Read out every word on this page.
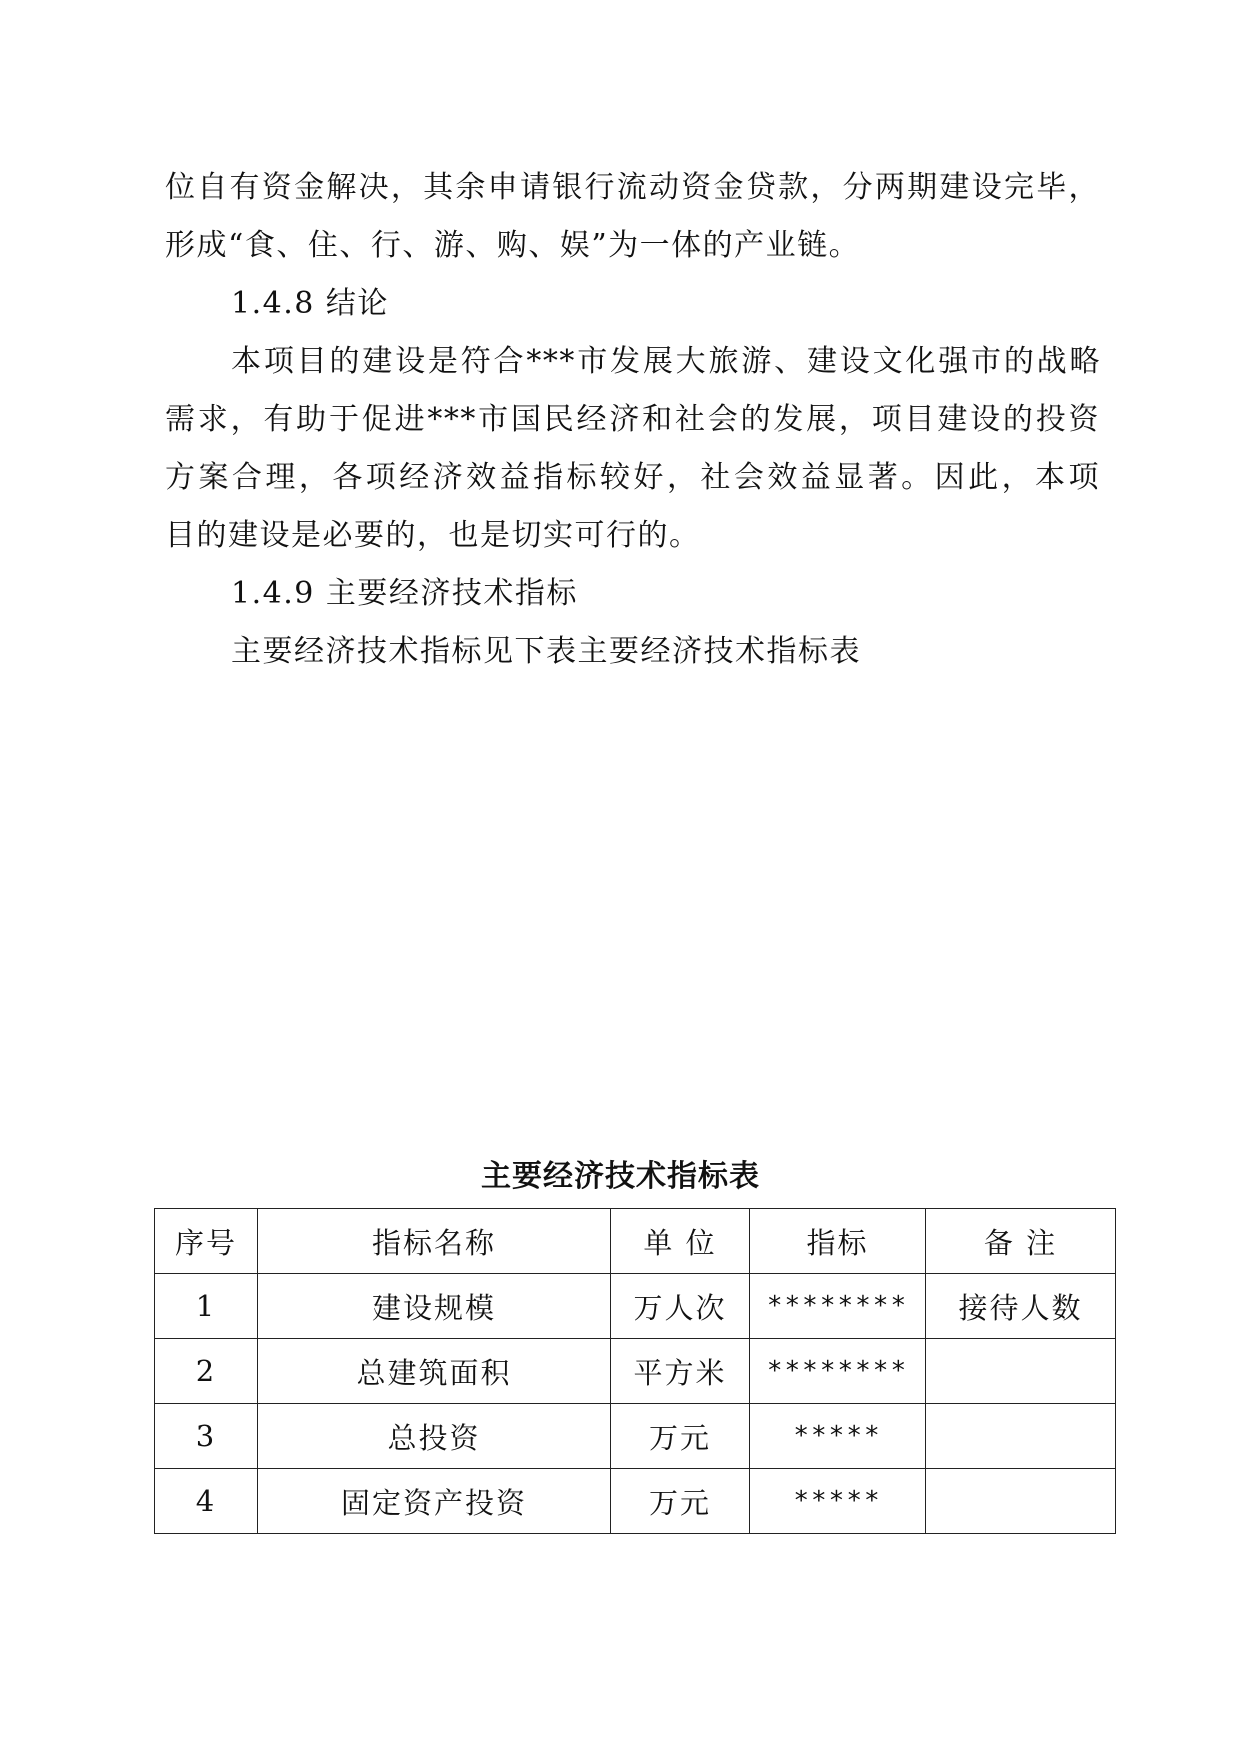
位自有资金解决，其余申请银行流动资金贷款，分两期建设完毕，
形成“食、住、行、游、购、娱”为一体的产业链。
1.4.8 结论
本项目的建设是符合***市发展大旅游、建设文化强市的战略
需求，有助于促进***市国民经济和社会的发展，项目建设的投资
方案合理，各项经济效益指标较好，社会效益显著。因此，本项
目的建设是必要的，也是切实可行的。
1.4.9 主要经济技术指标
主要经济技术指标见下表主要经济技术指标表
主要经济技术指标表
序号	指标名称	单 位	指标	备 注
1	建设规模	万人次	********	接待人数
2	总建筑面积	平方米	********	
3	总投资	万元	*****	
4	固定资产投资	万元	*****	
